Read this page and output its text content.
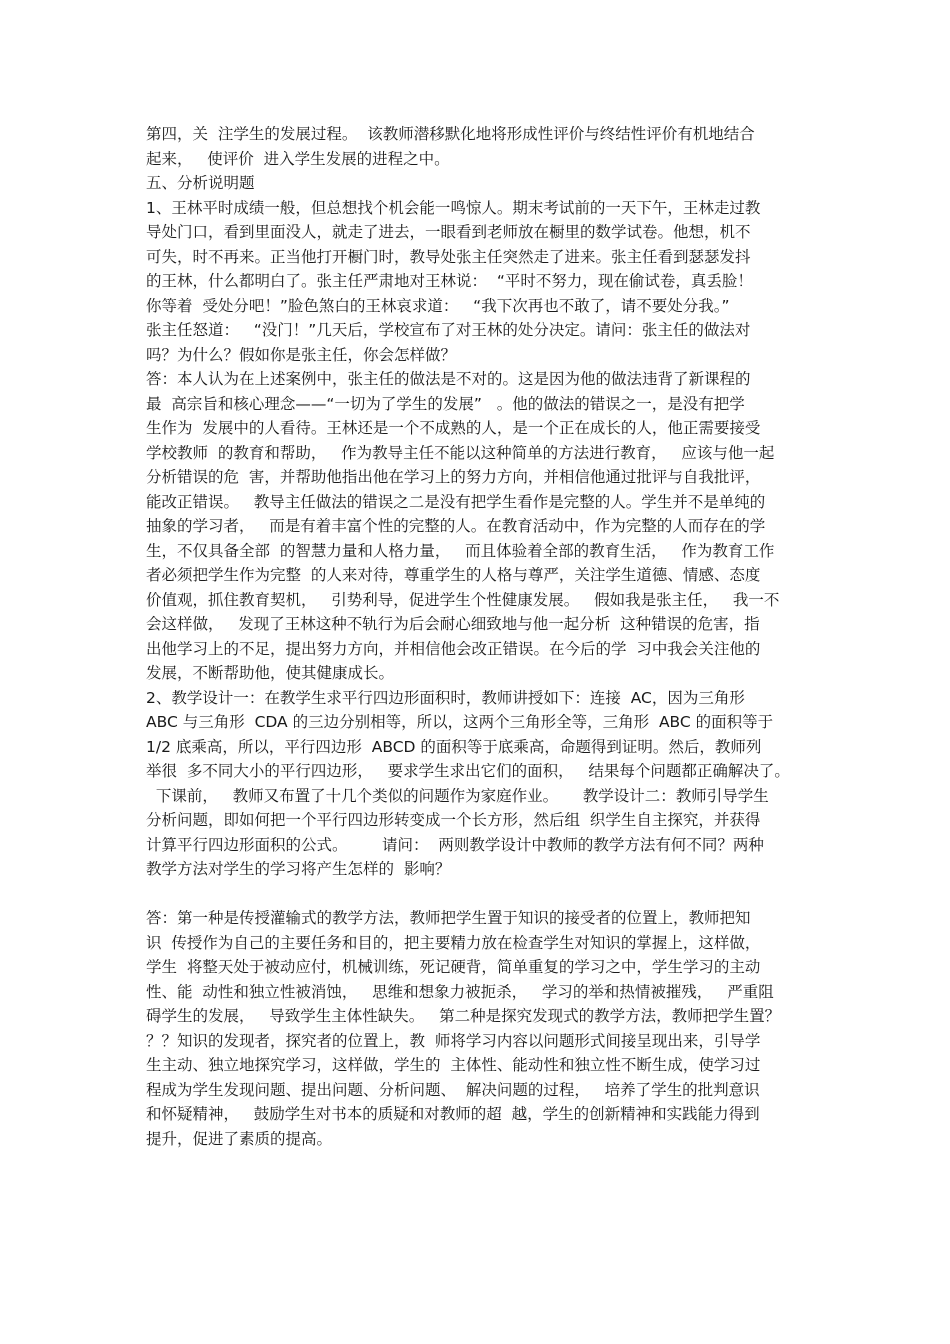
第四，关  注学生的发展过程。  该教师潜移默化地将形成性评价与终结性评价有机地结合
起来，   使评价  进入学生发展的进程之中。
五、分析说明题
1、王林平时成绩一般，但总想找个机会能一鸣惊人。期末考试前的一天下午，王林走过教
导处门口，看到里面没人，就走了进去，一眼看到老师放在橱里的数学试卷。他想，机不
可失，时不再来。正当他打开橱门时，教导处张主任突然走了进来。张主任看到瑟瑟发抖
的王林，什么都明白了。张主任严肃地对王林说：  “平时不努力，现在偷试卷，真丢脸！
你等着  受处分吧！”脸色煞白的王林哀求道：   “我下次再也不敢了，请不要处分我。”
张主任怒道：   “没门！”几天后，学校宣布了对王林的处分决定。请问：张主任的做法对
吗？为什么？假如你是张主任，你会怎样做？
答：本人认为在上述案例中，张主任的做法是不对的。这是因为他的做法违背了新课程的
最  高宗旨和核心理念——“一切为了学生的发展”   。他的做法的错误之一，是没有把学
生作为  发展中的人看待。王林还是一个不成熟的人，是一个正在成长的人，他正需要接受
学校教师  的教育和帮助，   作为教导主任不能以这种简单的方法进行教育，   应该与他一起
分析错误的危  害，并帮助他指出他在学习上的努力方向，并相信他通过批评与自我批评，
能改正错误。   教导主任做法的错误之二是没有把学生看作是完整的人。学生并不是单纯的
抽象的学习者，   而是有着丰富个性的完整的人。在教育活动中，作为完整的人而存在的学
生，不仅具备全部  的智慧力量和人格力量，   而且体验着全部的教育生活，   作为教育工作
者必须把学生作为完整  的人来对待，尊重学生的人格与尊严，关注学生道德、情感、态度
价值观，抓住教育契机，   引势利导，促进学生个性健康发展。   假如我是张主任，   我一不
会这样做，   发现了王林这种不轨行为后会耐心细致地与他一起分析  这种错误的危害，指
出他学习上的不足，提出努力方向，并相信他会改正错误。在今后的学  习中我会关注他的
发展，不断帮助他，使其健康成长。
2、教学设计一：在教学生求平行四边形面积时，教师讲授如下：连接  AC，因为三角形
ABC 与三角形  CDA 的三边分别相等，所以，这两个三角形全等，三角形  ABC 的面积等于
1/2 底乘高，所以，平行四边形  ABCD 的面积等于底乘高，命题得到证明。然后，教师列
举很  多不同大小的平行四边形，   要求学生求出它们的面积，   结果每个问题都正确解决了。
下课前，   教师又布置了十几个类似的问题作为家庭作业。     教学设计二：教师引导学生
分析问题，即如何把一个平行四边形转变成一个长方形，然后组  织学生自主探究，并获得
计算平行四边形面积的公式。       请问：  两则教学设计中教师的教学方法有何不同？两种
教学方法对学生的学习将产生怎样的  影响？
答：第一种是传授灌输式的教学方法，教师把学生置于知识的接受者的位置上，教师把知
识  传授作为自己的主要任务和目的，把主要精力放在检查学生对知识的掌握上，这样做，
学生  将整天处于被动应付，机械训练，死记硬背，简单重复的学习之中，学生学习的主动
性、能  动性和独立性被消蚀，   思维和想象力被扼杀，   学习的举和热情被摧残，   严重阻
碍学生的发展，   导致学生主体性缺失。   第二种是探究发现式的教学方法，教师把学生置？
？？知识的发现者，探究者的位置上，教  师将学习内容以问题形式间接呈现出来，引导学
生主动、独立地探究学习，这样做，学生的  主体性、能动性和独立性不断生成，使学习过
程成为学生发现问题、提出问题、分析问题、  解决问题的过程，   培养了学生的批判意识
和怀疑精神，   鼓励学生对书本的质疑和对教师的超  越，学生的创新精神和实践能力得到
提升，促进了素质的提高。
